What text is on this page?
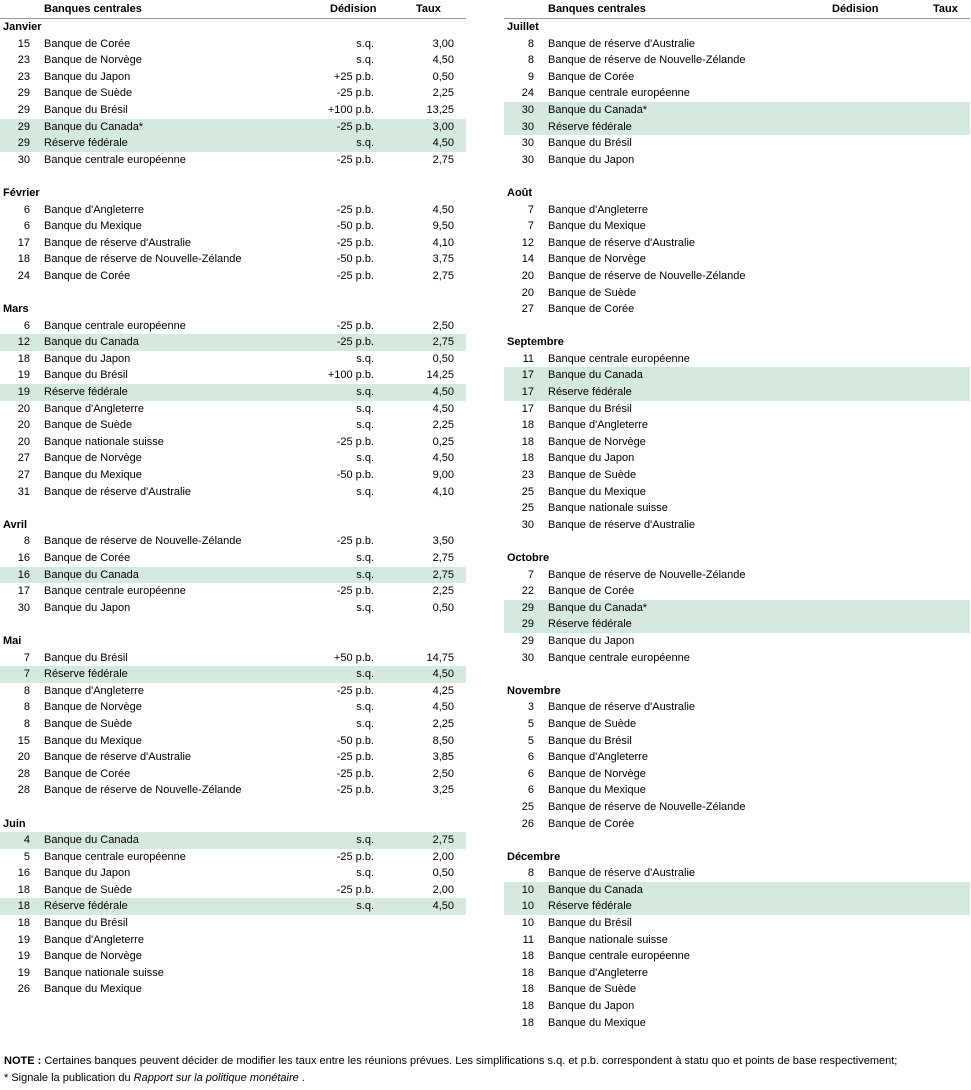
Banques centrales	Dédision	Taux
Janvier
15 Banque de Corée	s.q.	3,00
23 Banque de Norvège	s.q.	4,50
23 Banque du Japon	+25 p.b.	0,50
29 Banque de Suède	-25 p.b.	2,25
29 Banque du Brésil	+100 p.b.	13,25
29 Banque du Canada*	-25 p.b.	3,00
29 Réserve fédérale	s.q.	4,50
30 Banque centrale européenne	-25 p.b.	2,75
Février
6 Banque d'Angleterre	-25 p.b.	4,50
6 Banque du Mexique	-50 p.b.	9,50
17 Banque de réserve d'Australie	-25 p.b.	4,10
18 Banque de réserve de Nouvelle-Zélande	-50 p.b.	3,75
24 Banque de Corée	-25 p.b.	2,75
Mars
6 Banque centrale européenne	-25 p.b.	2,50
12 Banque du Canada	-25 p.b.	2,75
18 Banque du Japon	s.q.	0,50
19 Banque du Brésil	+100 p.b.	14,25
19 Réserve fédérale	s.q.	4,50
20 Banque d'Angleterre	s.q.	4,50
20 Banque de Suède	s.q.	2,25
20 Banque nationale suisse	-25 p.b.	0,25
27 Banque de Norvège	s.q.	4,50
27 Banque du Mexique	-50 p.b.	9,00
31 Banque de réserve d'Australie	s.q.	4,10
Avril
8 Banque de réserve de Nouvelle-Zélande	-25 p.b.	3,50
16 Banque de Corée	s.q.	2,75
16 Banque du Canada	s.q.	2,75
17 Banque centrale européenne	-25 p.b.	2,25
30 Banque du Japon	s.q.	0,50
Mai
7 Banque du Brésil	+50 p.b.	14,75
7 Réserve fédérale	s.q.	4,50
8 Banque d'Angleterre	-25 p.b.	4,25
8 Banque de Norvège	s.q.	4,50
8 Banque de Suède	s.q.	2,25
15 Banque du Mexique	-50 p.b.	8,50
20 Banque de réserve d'Australie	-25 p.b.	3,85
28 Banque de Corée	-25 p.b.	2,50
28 Banque de réserve de Nouvelle-Zélande	-25 p.b.	3,25
Juin
4 Banque du Canada	s.q.	2,75
5 Banque centrale européenne	-25 p.b.	2,00
16 Banque du Japon	s.q.	0,50
18 Banque de Suède	-25 p.b.	2,00
18 Réserve fédérale	s.q.	4,50
18 Banque du Brésil
19 Banque d'Angleterre
19 Banque de Norvège
19 Banque nationale suisse
26 Banque du Mexique
Banques centrales	Dédision	Taux
Juillet
8 Banque de réserve d'Australie
8 Banque de réserve de Nouvelle-Zélande
9 Banque de Corée
24 Banque centrale européenne
30 Banque du Canada*
30 Réserve fédérale
30 Banque du Brésil
30 Banque du Japon
Août
7 Banque d'Angleterre
7 Banque du Mexique
12 Banque de réserve d'Australie
14 Banque de Norvège
20 Banque de réserve de Nouvelle-Zélande
20 Banque de Suède
27 Banque de Corée
Septembre
11 Banque centrale européenne
17 Banque du Canada
17 Réserve fédérale
17 Banque du Brésil
18 Banque d'Angleterre
18 Banque de Norvège
18 Banque du Japon
23 Banque de Suède
25 Banque du Mexique
25 Banque nationale suisse
30 Banque de réserve d'Australie
Octobre
7 Banque de réserve de Nouvelle-Zélande
22 Banque de Corée
29 Banque du Canada*
29 Réserve fédérale
29 Banque du Japon
30 Banque centrale européenne
Novembre
3 Banque de réserve d'Australie
5 Banque de Suède
5 Banque du Brésil
6 Banque d'Angleterre
6 Banque de Norvège
6 Banque du Mexique
25 Banque de réserve de Nouvelle-Zélande
26 Banque de Corée
Décembre
8 Banque de réserve d'Australie
10 Banque du Canada
10 Réserve fédérale
10 Banque du Brésil
11 Banque nationale suisse
18 Banque centrale européenne
18 Banque d'Angleterre
18 Banque de Suède
18 Banque du Japon
18 Banque du Mexique
NOTE : Certaines banques peuvent décider de modifier les taux entre les réunions prévues. Les simplifications s.q. et p.b. correspondent à statu quo et points de base respectivement; * Signale la publication du Rapport sur la politique monétaire .
